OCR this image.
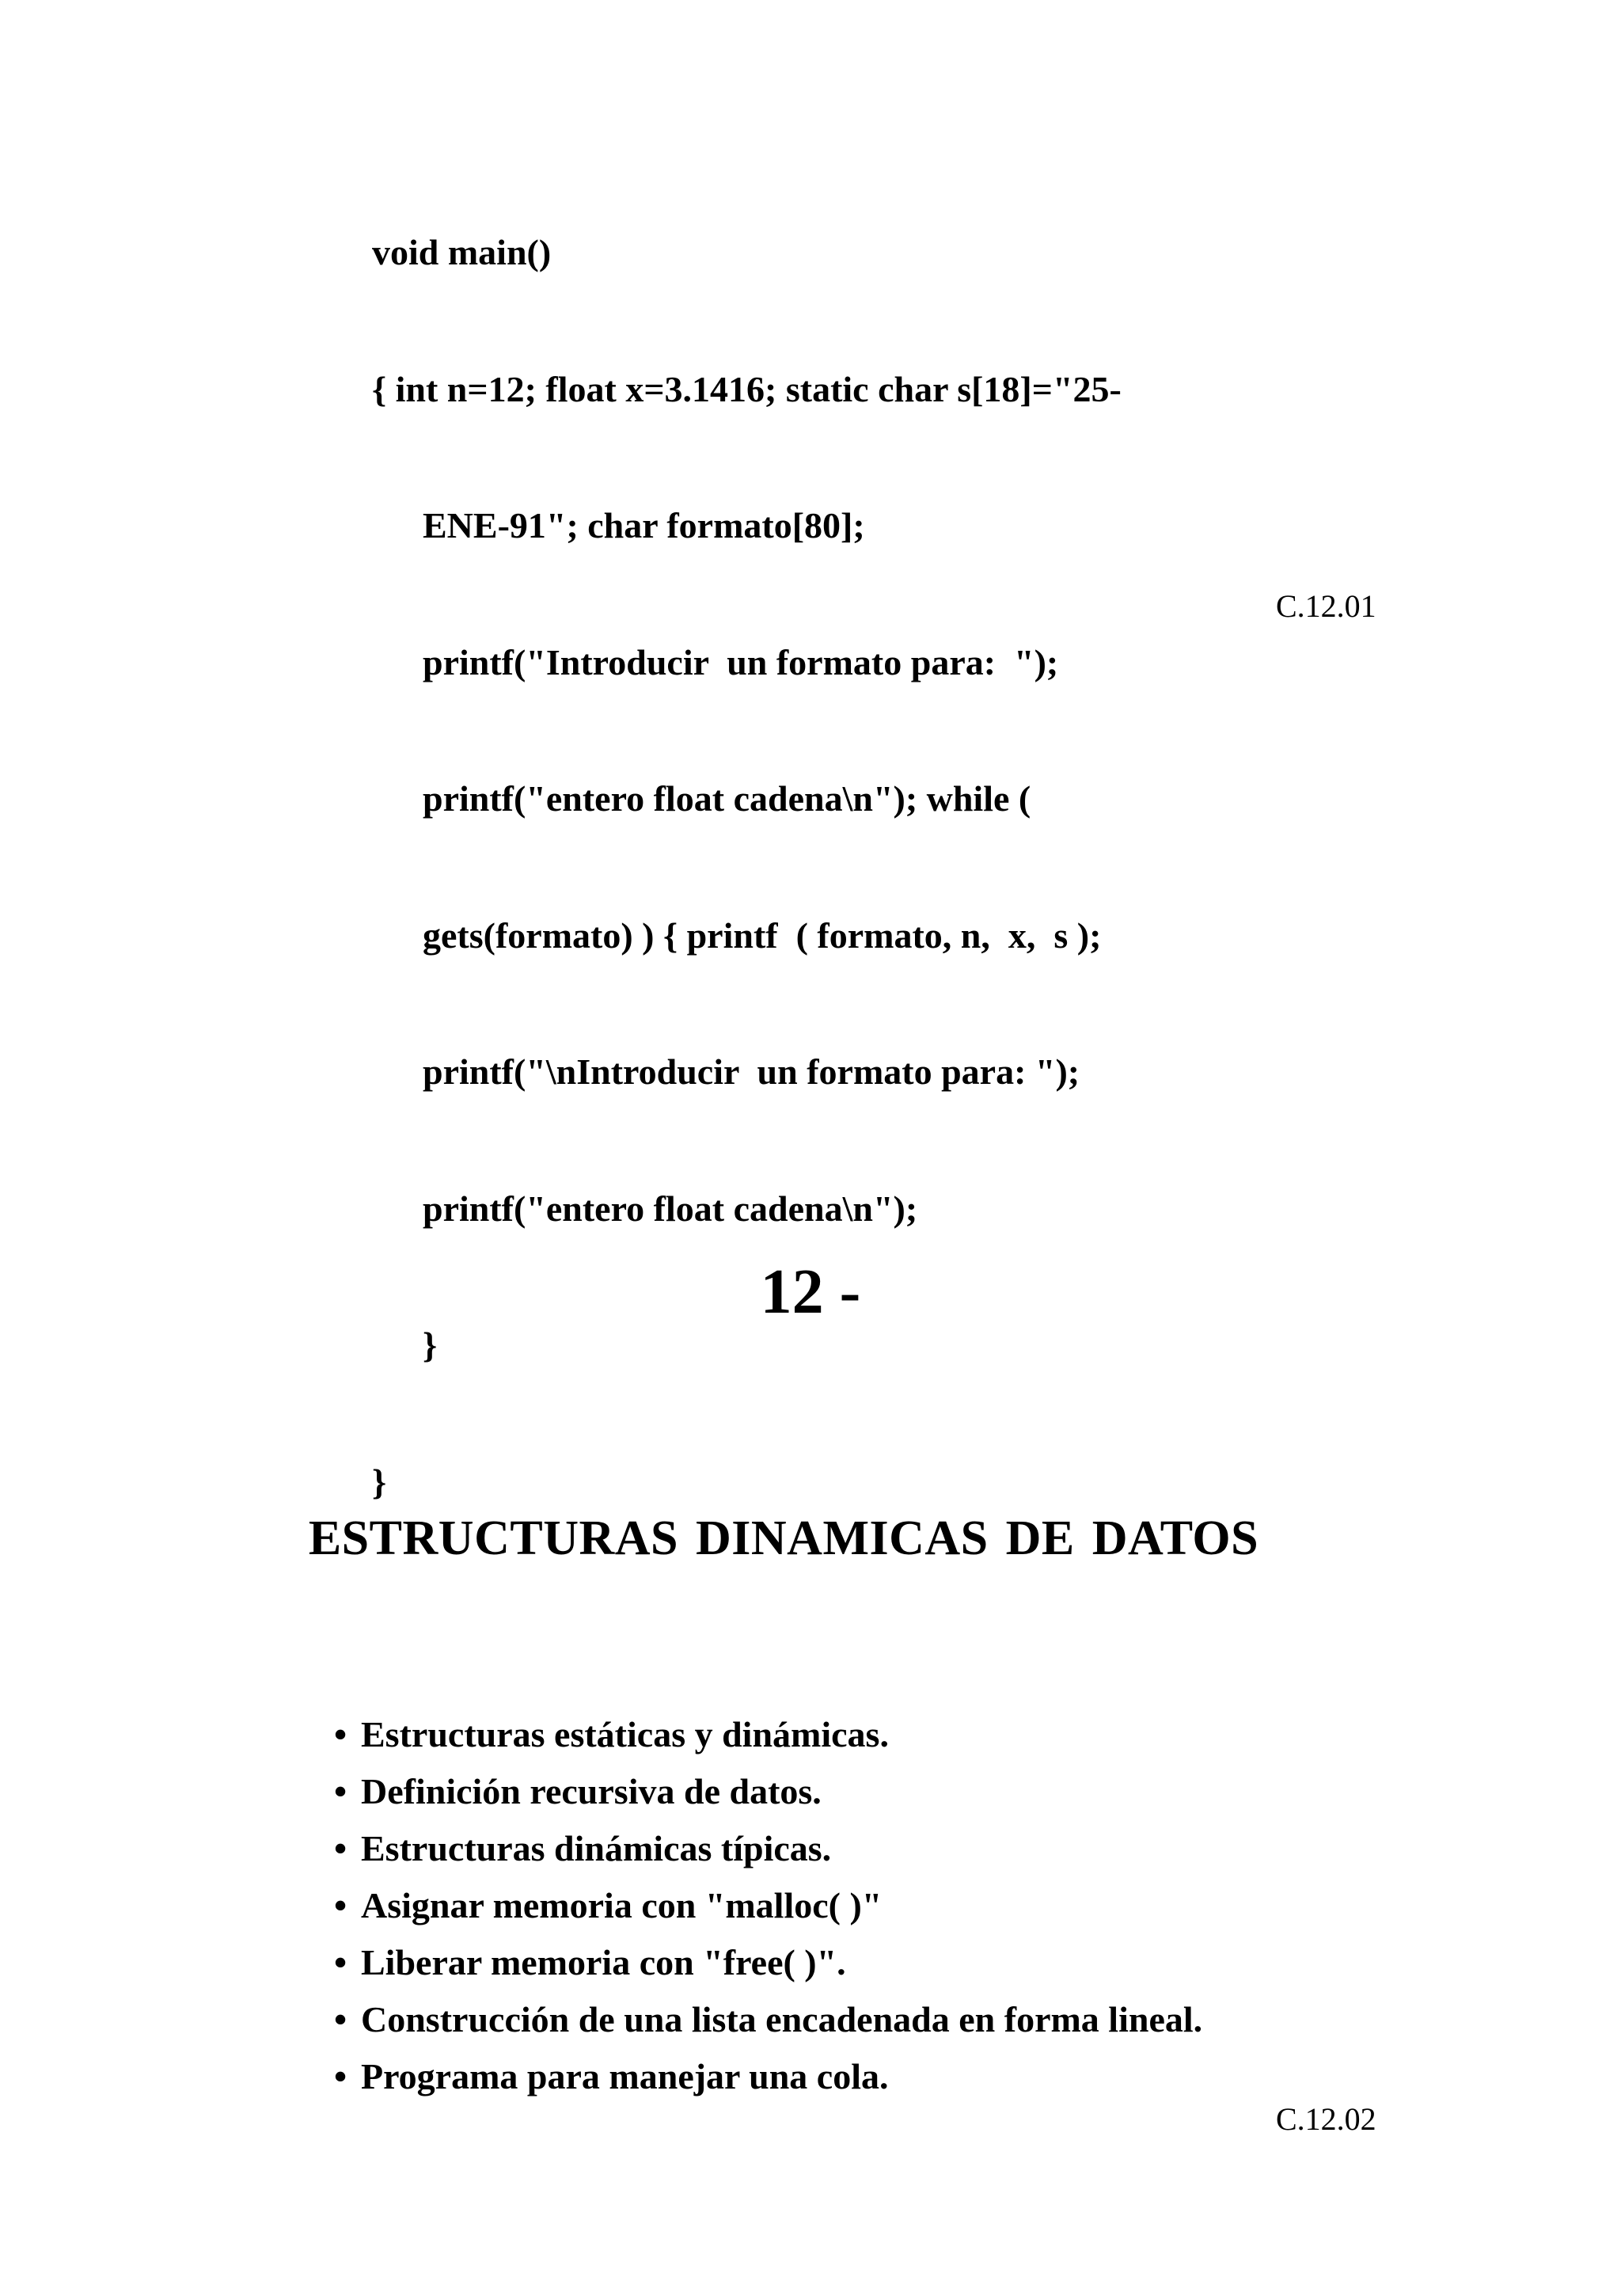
void main()

{ int n=12; float x=3.1416; static char s[18]="25-

ENE-91"; char formato[80];

printf("Introducir  un formato para:  ");

printf("entero float cadena\n"); while (

gets(formato) ) { printf  ( formato, n,  x,  s );

printf("\nIntroducir  un formato para: ");

printf("entero float cadena\n");

}

}

C.12.01
12 -
ESTRUCTURAS DINAMICAS DE DATOS
• Estructuras estáticas y dinámicas.
• Definición recursiva de datos.
• Estructuras dinámicas típicas.
• Asignar memoria con "malloc( )"
• Liberar memoria con "free( )".
• Construcción de una lista encadenada en forma lineal.
• Programa para manejar una cola.
C.12.02
